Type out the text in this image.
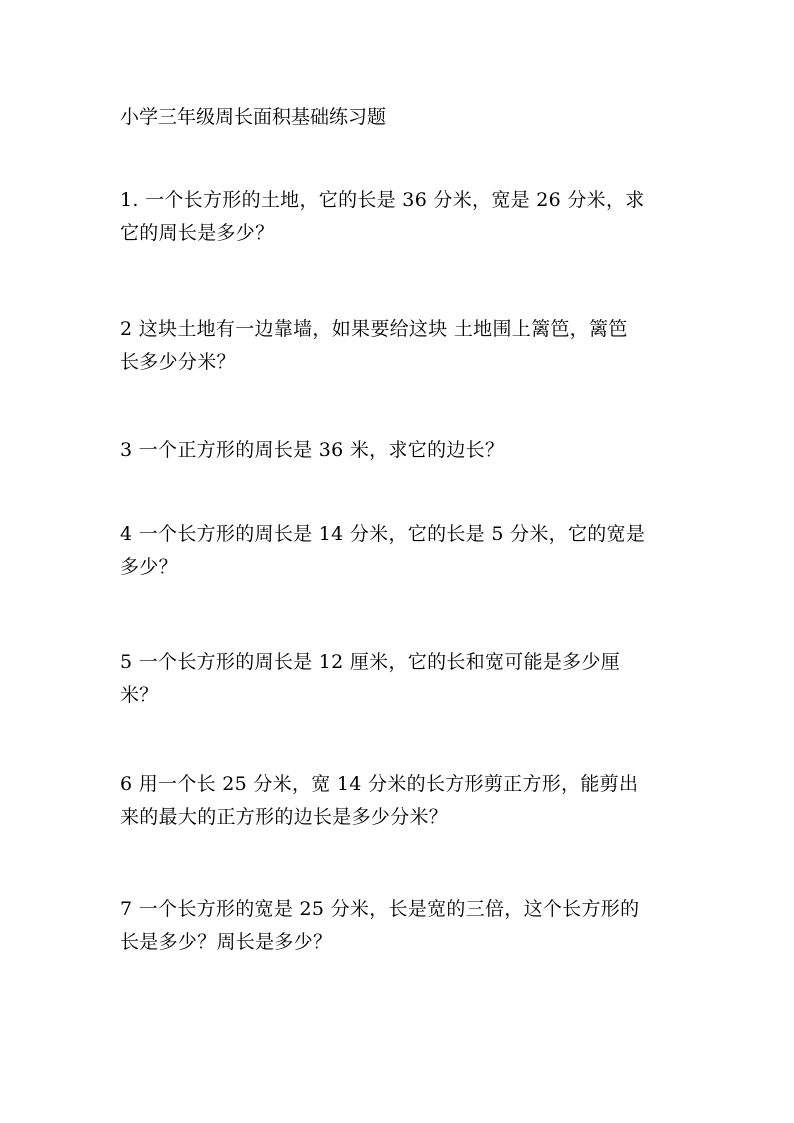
小学三年级周长面积基础练习题
1. 一个长方形的土地，它的长是 36 分米，宽是 26 分米，求
它的周长是多少？
2 这块土地有一边靠墙，如果要给这块 土地围上篱笆，篱笆
长多少分米？
3 一个正方形的周长是 36 米，求它的边长？
4 一个长方形的周长是 14 分米，它的长是 5 分米，它的宽是
多少？
5 一个长方形的周长是 12 厘米，它的长和宽可能是多少厘
米？
6 用一个长 25 分米，宽 14 分米的长方形剪正方形，能剪出
来的最大的正方形的边长是多少分米？
7 一个长方形的宽是 25 分米，长是宽的三倍，这个长方形的
长是多少？周长是多少？
